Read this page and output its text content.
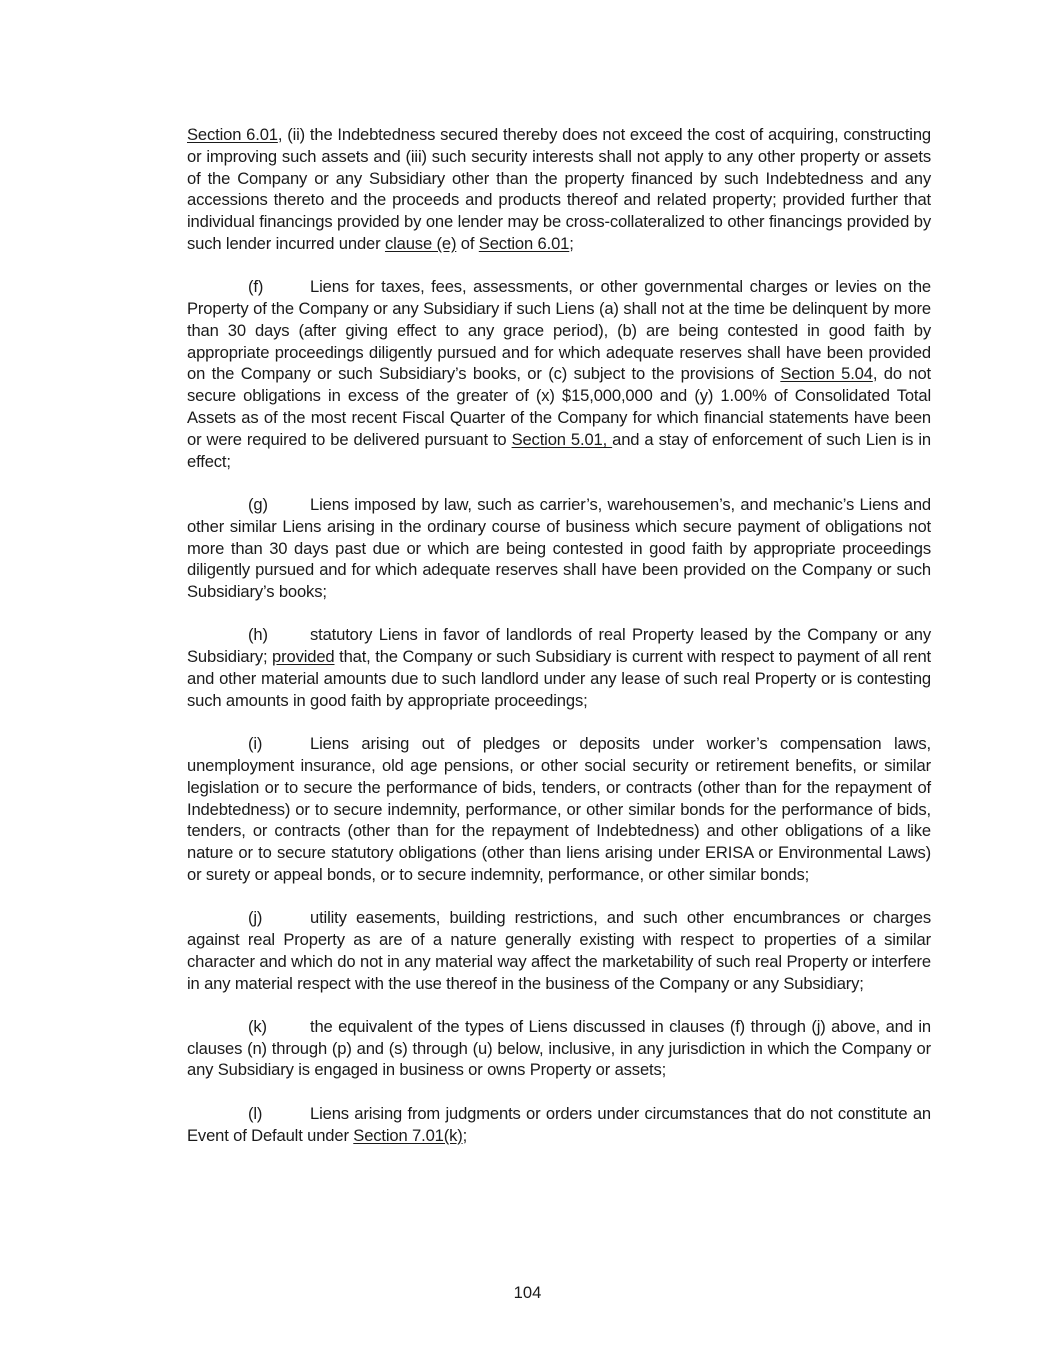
Section 6.01, (ii) the Indebtedness secured thereby does not exceed the cost of acquiring, constructing or improving such assets and (iii) such security interests shall not apply to any other property or assets of the Company or any Subsidiary other than the property financed by such Indebtedness and any accessions thereto and the proceeds and products thereof and related property; provided further that individual financings provided by one lender may be cross-collateralized to other financings provided by such lender incurred under clause (e) of Section 6.01;

(f)	Liens for taxes, fees, assessments, or other governmental charges or levies on the Property of the Company or any Subsidiary if such Liens (a) shall not at the time be delinquent by more than 30 days (after giving effect to any grace period), (b) are being contested in good faith by appropriate proceedings diligently pursued and for which adequate reserves shall have been provided on the Company or such Subsidiary’s books, or (c) subject to the provisions of Section 5.04, do not secure obligations in excess of the greater of (x) $15,000,000 and (y) 1.00% of Consolidated Total Assets as of the most recent Fiscal Quarter of the Company for which financial statements have been or were required to be delivered pursuant to Section 5.01, and a stay of enforcement of such Lien is in effect;

(g)	Liens imposed by law, such as carrier’s, warehousemen’s, and mechanic’s Liens and other similar Liens arising in the ordinary course of business which secure payment of obligations not more than 30 days past due or which are being contested in good faith by appropriate proceedings diligently pursued and for which adequate reserves shall have been provided on the Company or such Subsidiary’s books;

(h)	statutory Liens in favor of landlords of real Property leased by the Company or any Subsidiary; provided that, the Company or such Subsidiary is current with respect to payment of all rent and other material amounts due to such landlord under any lease of such real Property or is contesting such amounts in good faith by appropriate proceedings;

(i)	Liens arising out of pledges or deposits under worker’s compensation laws, unemployment insurance, old age pensions, or other social security or retirement benefits, or similar legislation or to secure the performance of bids, tenders, or contracts (other than for the repayment of Indebtedness) or to secure indemnity, performance, or other similar bonds for the performance of bids, tenders, or contracts (other than for the repayment of Indebtedness) and other obligations of a like nature or to secure statutory obligations (other than liens arising under ERISA or Environmental Laws) or surety or appeal bonds, or to secure indemnity, performance, or other similar bonds;

(j)	utility easements, building restrictions, and such other encumbrances or charges against real Property as are of a nature generally existing with respect to properties of a similar character and which do not in any material way affect the marketability of such real Property or interfere in any material respect with the use thereof in the business of the Company or any Subsidiary;

(k)	the equivalent of the types of Liens discussed in clauses (f) through (j) above, and in clauses (n) through (p) and (s) through (u) below, inclusive, in any jurisdiction in which the Company or any Subsidiary is engaged in business or owns Property or assets;

(l)	Liens arising from judgments or orders under circumstances that do not constitute an Event of Default under Section 7.01(k);

104
